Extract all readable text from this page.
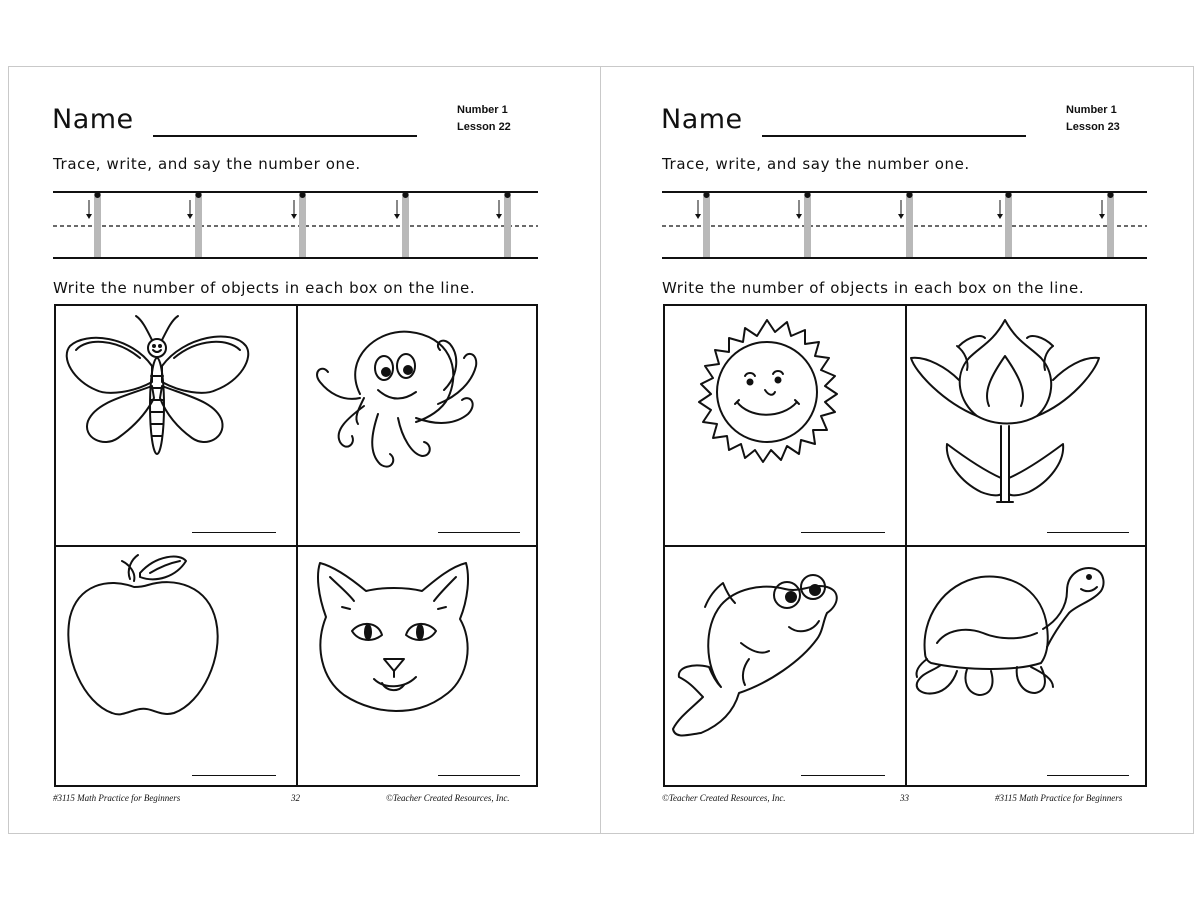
Name	Number 1
Lesson 22
Trace, write, and say the number one.
Write the number of objects in each box on the line.
#3115 Math Practice for Beginners	32	©Teacher Created Resources, Inc.
Name	Number 1
Lesson 23
Trace, write, and say the number one.
Write the number of objects in each box on the line.
©Teacher Created Resources, Inc.	33	#3115 Math Practice for Beginners
